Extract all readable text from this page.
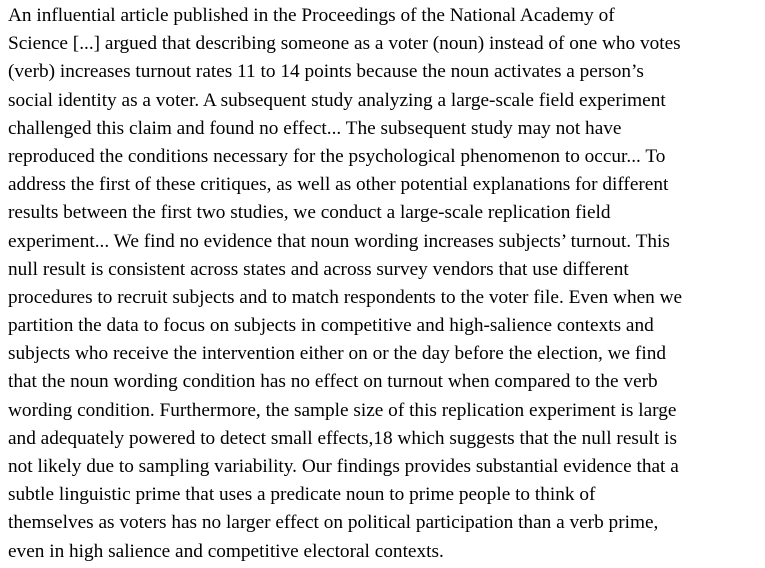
An influential article published in the Proceedings of the National Academy of
Science [...] argued that describing someone as a voter (noun) instead of one who votes
(verb) increases turnout rates 11 to 14 points because the noun activates a person’s
social identity as a voter. A subsequent study analyzing a large-scale field experiment
challenged this claim and found no effect... The subsequent study may not have
reproduced the conditions necessary for the psychological phenomenon to occur... To
address the first of these critiques, as well as other potential explanations for different
results between the first two studies, we conduct a large-scale replication field
experiment... We find no evidence that noun wording increases subjects’ turnout. This
null result is consistent across states and across survey vendors that use different
procedures to recruit subjects and to match respondents to the voter file. Even when we
partition the data to focus on subjects in competitive and high-salience contexts and
subjects who receive the intervention either on or the day before the election, we find
that the noun wording condition has no effect on turnout when compared to the verb
wording condition. Furthermore, the sample size of this replication experiment is large
and adequately powered to detect small effects,18 which suggests that the null result is
not likely due to sampling variability. Our findings provides substantial evidence that a
subtle linguistic prime that uses a predicate noun to prime people to think of
themselves as voters has no larger effect on political participation than a verb prime,
even in high salience and competitive electoral contexts.
